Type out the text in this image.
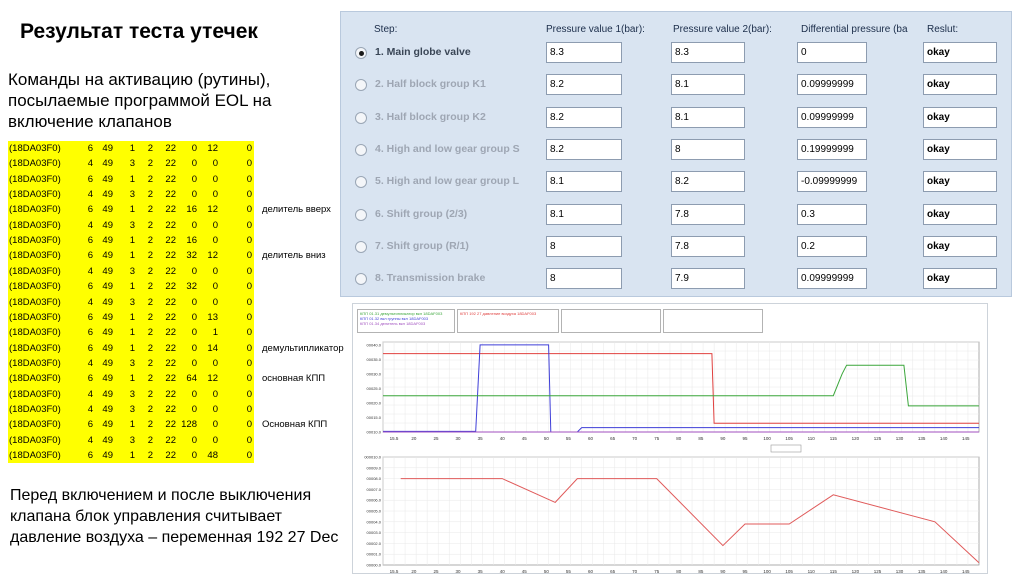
Результат теста утечек
Команды на активацию (рутины), посылаемые программой EOL на включение клапанов
(18DA03F0)	6 49	1	2	22	0	12	0
(18DA03F0)	4 49	3	2	22	0	0	0
(18DA03F0)	6 49	1	2	22	0	0	0
(18DA03F0)	4 49	3	2	22	0	0	0
(18DA03F0)	6 49	1	2	22	16	12	0 делитель вверх
(18DA03F0)	4 49	3	2	22	0	0	0
(18DA03F0)	6 49	1	2	22	16	0	0
(18DA03F0)	6 49	1	2	22	32	12	0 делитель вниз
(18DA03F0)	4 49	3	2	22	0	0	0
(18DA03F0)	6 49	1	2	22	32	0	0
(18DA03F0)	4 49	3	2	22	0	0	0
(18DA03F0)	6 49	1	2	22	0	13	0
(18DA03F0)	6 49	1	2	22	0	1	0
(18DA03F0)	6 49	1	2	22	0	14	0 демультипликатор
(18DA03F0)	4 49	3	2	22	0	0	0
(18DA03F0)	6 49	1	2	22	64	12	0 основная КПП
(18DA03F0)	4 49	3	2	22	0	0	0
(18DA03F0)	4 49	3	2	22	0	0	0
(18DA03F0)	6 49	1	2	22 128	0	0 Основная КПП
(18DA03F0)	4 49	3	2	22	0	0	0
(18DA03F0)	6 49	1	2	22	0	48	0
Перед включением и после выключения клапана блок управления считывает давление воздуха – переменная 192 27 Dec
Step:	Pressure value 1(bar):	Pressure value 2(bar):	Differential pressure (ba	Reslut:
1. Main globe valve	8.3	8.3	0	okay
2. Half block group K1	8.2	8.1	0.09999999	okay
3. Half block group K2	8.2	8.1	0.09999999	okay
4. High and low gear group S	8.2	8	0.19999999	okay
5. High and low gear group L	8.1	8.2	-0.09999999	okay
6. Shift group (2/3)	8.1	7.8	0.3	okay
7. Shift group (R/1)	8	7.8	0.2	okay
8. Transmission brake	8	7.9	0.09999999	okay
КПП 01.31 демультипликатор вкл 18DAF003
КПП 01.32 вкл группы вкл 18DAF003
КПП 01.34 делитель вкл 18DAF003
КПП 192 27 давление воздуха 18DAF003
15.5	20	25	30	35	40	45	50	55	60	65	70	75	80	85	90	95	100	105	110	115	120	125	130	135	140	145
00040.0
00035.0
00030.0
00025.0
00020.0
00015.0
00010.0
15.5	20	25	30	35	40	45	50	55	60	65	70	75	80	85	90	95	100	105	110	115	120	125	130	135	140	145
00000.0
00001.0
00002.0
00003.0
00004.0
00005.0
00006.0
00007.0
00008.0
00009.0
000010.0
